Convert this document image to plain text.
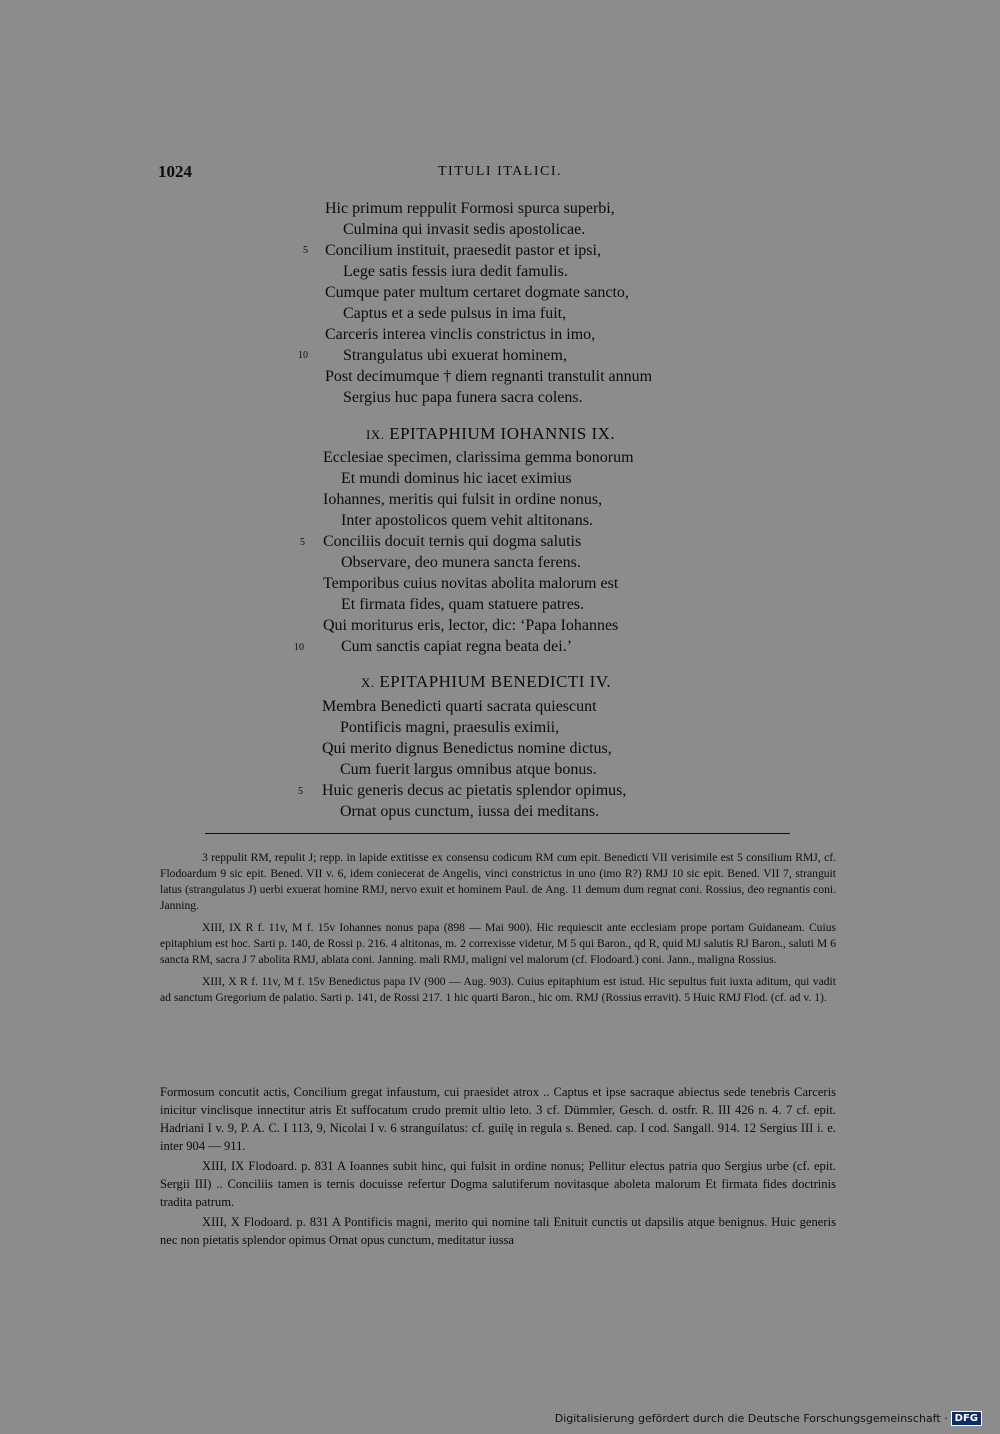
1024	TITULI ITALICI.
Hic primum reppulit Formosi spurca superbi,
Culmina qui invasit sedis apostolicae.
5 Concilium instituit, praesedit pastor et ipsi,
Lege satis fessis iura dedit famulis.
Cumque pater multum certaret dogmate sancto,
Captus et a sede pulsus in ima fuit,
Carceris interea vinclis constrictus in imo,
10 Strangulatus ubi exuerat hominem,
Post decimumque † diem regnanti transtulit annum
Sergius huc papa funera sacra colens.
IX. EPITAPHIUM IOHANNIS IX.
Ecclesiae specimen, clarissima gemma bonorum
Et mundi dominus hic iacet eximius
Iohannes, meritis qui fulsit in ordine nonus,
Inter apostolicos quem vehit altitonans.
5 Conciliis docuit ternis qui dogma salutis
Observare, deo munera sancta ferens.
Temporibus cuius novitas abolita malorum est
Et firmata fides, quam statuere patres.
Qui moriturus eris, lector, dic: ‘Papa Iohannes
10 Cum sanctis capiat regna beata dei.’
X. EPITAPHIUM BENEDICTI IV.
Membra Benedicti quarti sacrata quiescunt
Pontificis magni, praesulis eximii,
Qui merito dignus Benedictus nomine dictus,
Cum fuerit largus omnibus atque bonus.
5 Huic generis decus ac pietatis splendor opimus,
Ornat opus cunctum, iussa dei meditans.

3 reppulit RM, repulit J; repp. in lapide extitisse ex consensu codicum RM cum epit. Benedicti VII verisimile est 5 consilium RMJ, cf. Flodoardum 9 sic epit. Bened. VII v. 6, idem coniecerat de Angelis, vinci constrictus in uno (imo R?) RMJ 10 sic epit. Bened. VII 7, stranguit latus (strangulatus J) uerbi exuerat homine RMJ, nervo exuit et hominem Paul. de Ang. 11 demum dum regnat coni. Rossius, deo regnantis coni. Janning.

XIII, IX R f. 11v, M f. 15v Iohannes nonus papa (898 — Mai 900). Hic requiescit ante ecclesiam prope portam Guidaneam. Cuius epitaphium est hoc. Sarti p. 140, de Rossi p. 216. 4 altitonas, m. 2 correxisse videtur, M 5 qui Baron., qd R, quid MJ salutis RJ Baron., saluti M 6 sancta RM, sacra J 7 abolita RMJ, ablata coni. Janning. mali RMJ, maligni vel malorum (cf. Flodoard.) coni. Jann., maligna Rossius.

XIII, X R f. 11v, M f. 15v Benedictus papa IV (900 — Aug. 903). Cuius epitaphium est istud. Hic sepultus fuit iuxta aditum, qui vadit ad sanctum Gregorium de palatio. Sarti p. 141, de Rossi 217. 1 hic quarti Baron., hic om. RMJ (Rossius erravit). 5 Huic RMJ Flod. (cf. ad v. 1).

Formosum concutit actis, Concilium gregat infaustum, cui praesidet atrox .. Captus et ipse sacraque abiectus sede tenebris Carceris inicitur vinclisque innectitur atris Et suffocatum crudo premit ultio leto. 3 cf. Dümmler, Gesch. d. ostfr. R. III 426 n. 4. 7 cf. epit. Hadriani I v. 9, P. A. C. I 113, 9, Nicolai I v. 6 stranguilatus: cf. guilę in regula s. Bened. cap. I cod. Sangall. 914. 12 Sergius III i. e. inter 904 — 911.

XIII, IX Flodoard. p. 831 A Ioannes subit hinc, qui fulsit in ordine nonus; Pellitur electus patria quo Sergius urbe (cf. epit. Sergii III) .. Conciliis tamen is ternis docuisse refertur Dogma salutiferum novitasque aboleta malorum Et firmata fides doctrinis tradita patrum.

XIII, X Flodoard. p. 831 A Pontificis magni, merito qui nomine tali Enituit cunctis ut dapsilis atque benignus. Huic generis nec non pietatis splendor opimus Ornat opus cunctum, meditatur iussa

Digitalisierung gefördert durch die Deutsche Forschungsgemeinschaft · DFG
